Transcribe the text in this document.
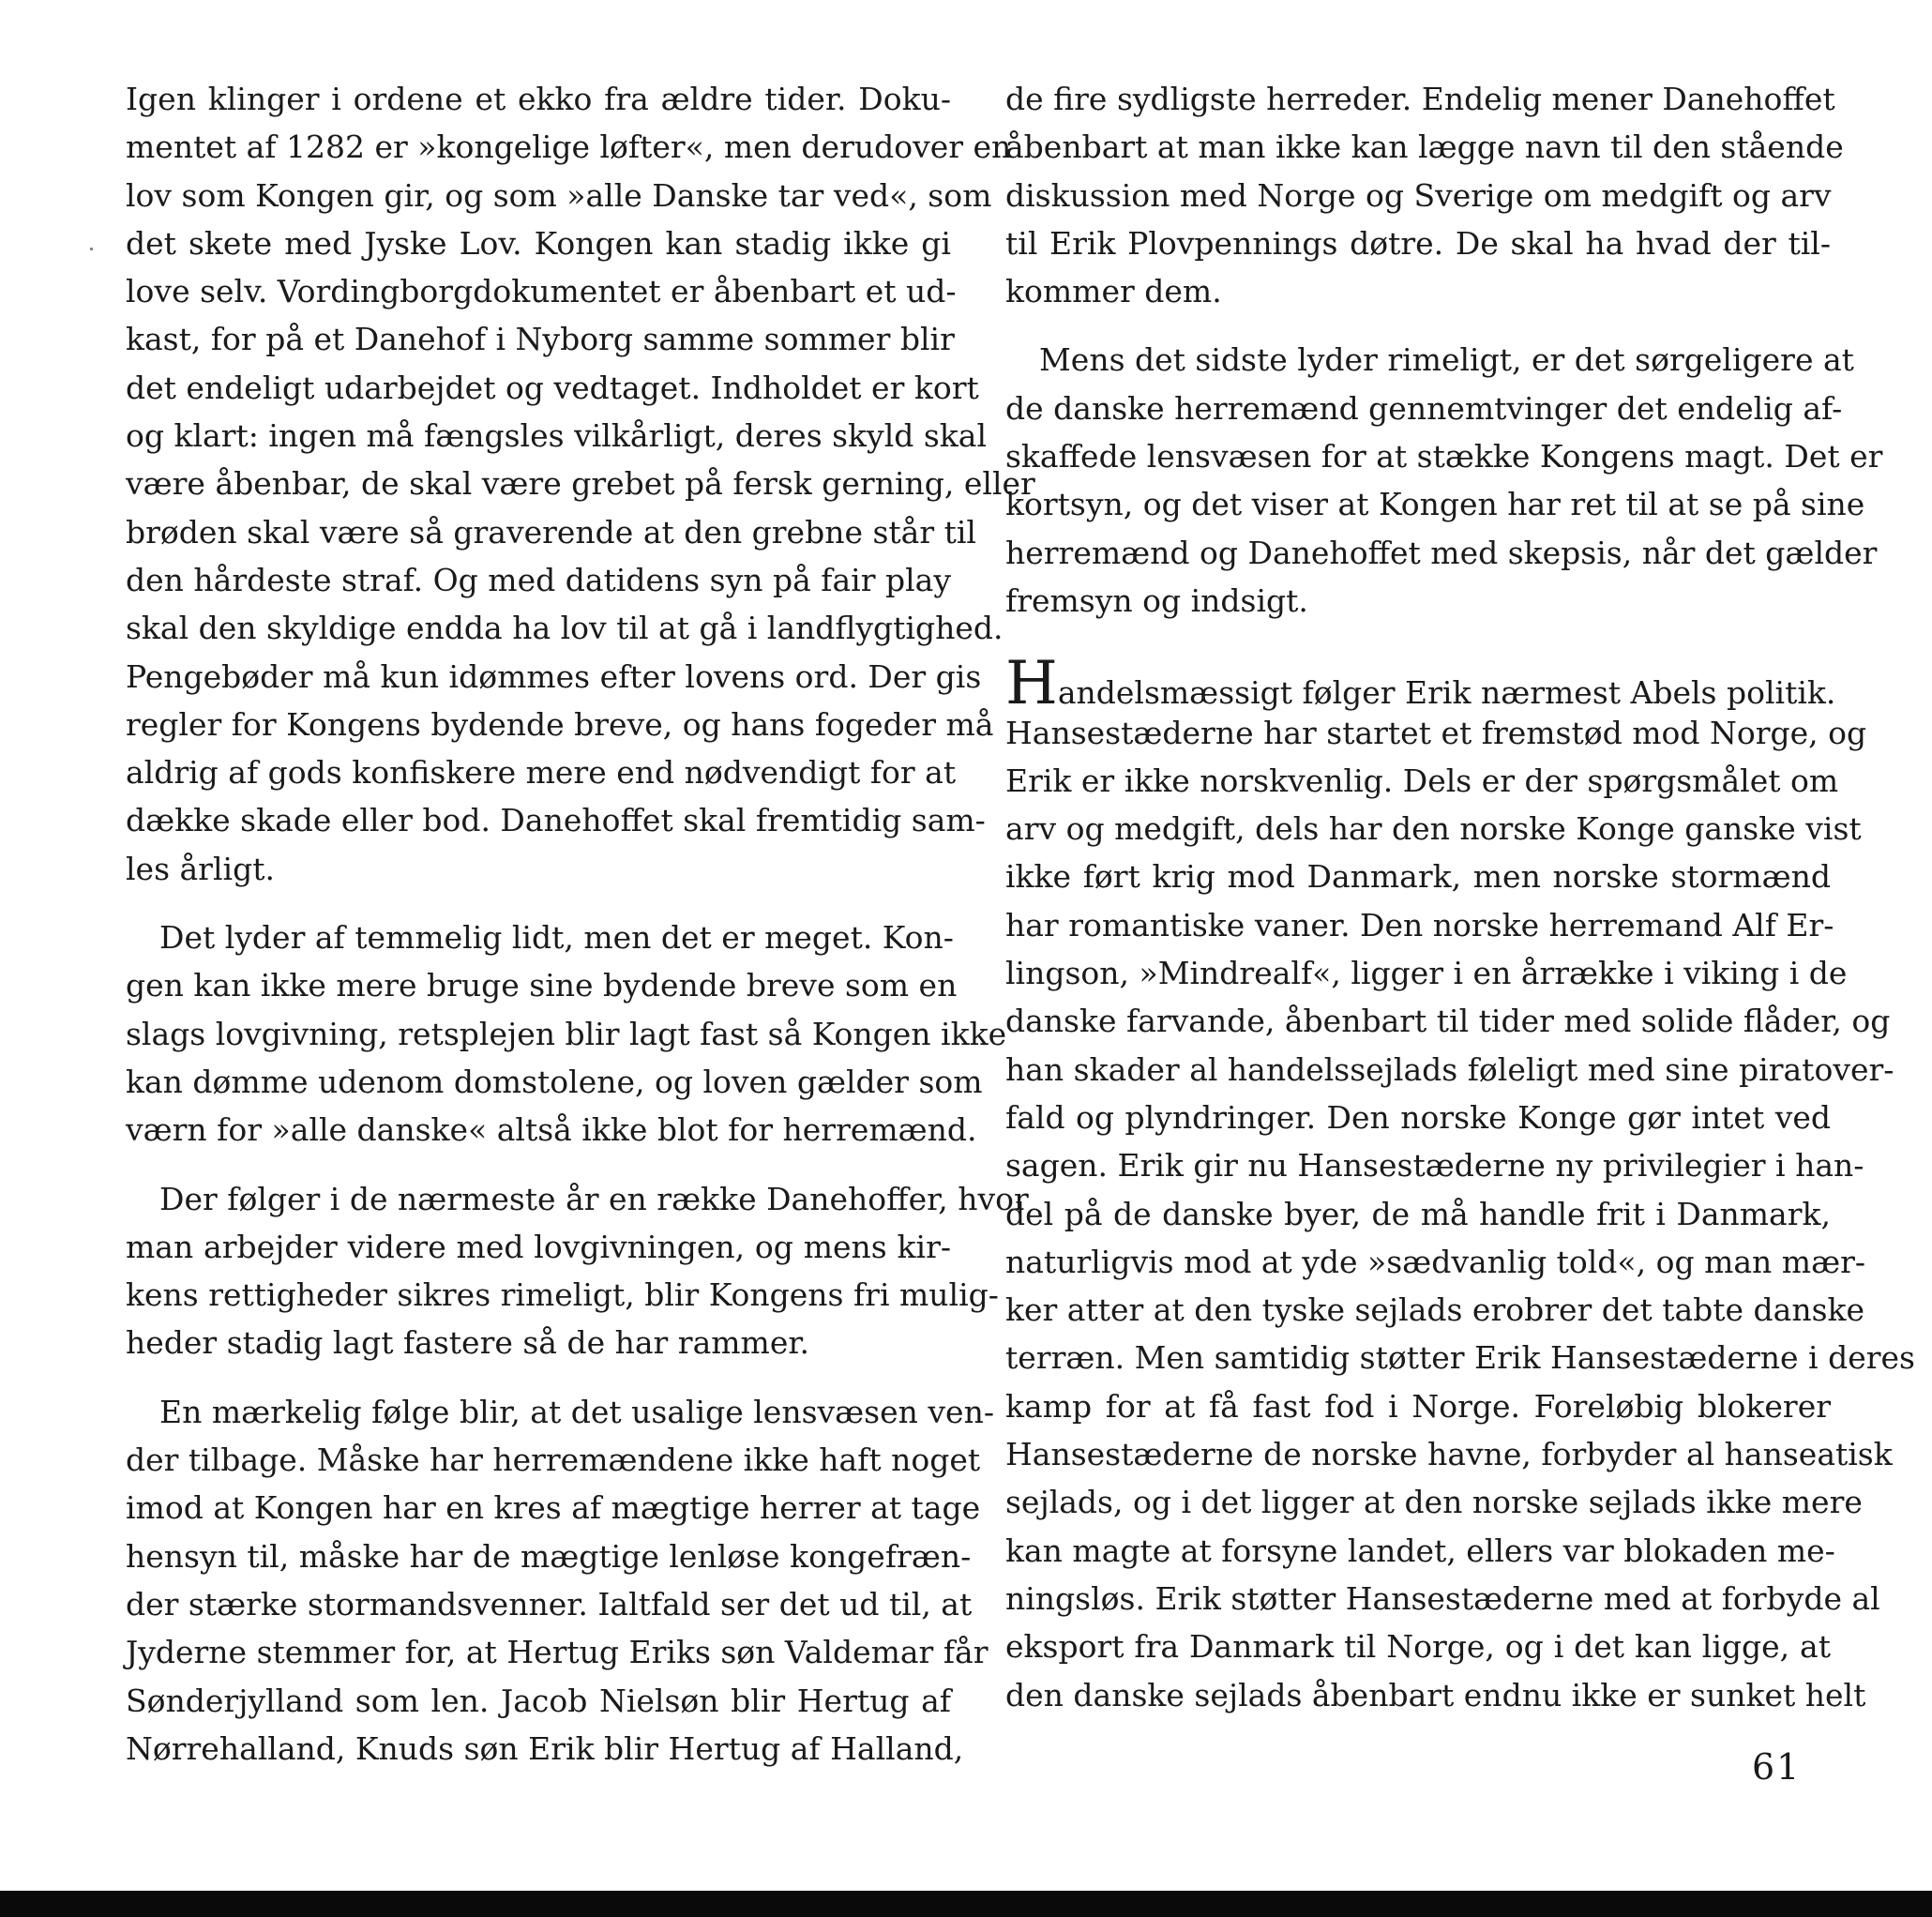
Igen klinger i ordene et ekko fra ældre tider. Doku-
mentet af 1282 er »kongelige løfter«, men derudover en
lov som Kongen gir, og som »alle Danske tar ved«, som
det skete med Jyske Lov. Kongen kan stadig ikke gi
love selv. Vordingborgdokumentet er åbenbart et ud-
kast, for på et Danehof i Nyborg samme sommer blir
det endeligt udarbejdet og vedtaget. Indholdet er kort
og klart: ingen må fængsles vilkårligt, deres skyld skal
være åbenbar, de skal være grebet på fersk gerning, eller
brøden skal være så graverende at den grebne står til
den hårdeste straf. Og med datidens syn på fair play
skal den skyldige endda ha lov til at gå i landflygtighed.
Pengebøder må kun idømmes efter lovens ord. Der gis
regler for Kongens bydende breve, og hans fogeder må
aldrig af gods konfiskere mere end nødvendigt for at
dække skade eller bod. Danehoffet skal fremtidig sam-
les årligt.
Det lyder af temmelig lidt, men det er meget. Kon-
gen kan ikke mere bruge sine bydende breve som en
slags lovgivning, retsplejen blir lagt fast så Kongen ikke
kan dømme udenom domstolene, og loven gælder som
værn for »alle danske« altså ikke blot for herremænd.
Der følger i de nærmeste år en række Danehoffer, hvor
man arbejder videre med lovgivningen, og mens kir-
kens rettigheder sikres rimeligt, blir Kongens fri mulig-
heder stadig lagt fastere så de har rammer.
En mærkelig følge blir, at det usalige lensvæsen ven-
der tilbage. Måske har herremændene ikke haft noget
imod at Kongen har en kres af mægtige herrer at tage
hensyn til, måske har de mægtige lenløse kongefræn-
der stærke stormandsvenner. Ialtfald ser det ud til, at
Jyderne stemmer for, at Hertug Eriks søn Valdemar får
Sønderjylland som len. Jacob Nielsøn blir Hertug af
Nørrehalland, Knuds søn Erik blir Hertug af Halland,
de fire sydligste herreder. Endelig mener Danehoffet
åbenbart at man ikke kan lægge navn til den stående
diskussion med Norge og Sverige om medgift og arv
til Erik Plovpennings døtre. De skal ha hvad der til-
kommer dem.
Mens det sidste lyder rimeligt, er det sørgeligere at
de danske herremænd gennemtvinger det endelig af-
skaffede lensvæsen for at stække Kongens magt. Det er
kortsyn, og det viser at Kongen har ret til at se på sine
herremænd og Danehoffet med skepsis, når det gælder
fremsyn og indsigt.
Handelsmæssigt følger Erik nærmest Abels politik.
Hansestæderne har startet et fremstød mod Norge, og
Erik er ikke norskvenlig. Dels er der spørgsmålet om
arv og medgift, dels har den norske Konge ganske vist
ikke ført krig mod Danmark, men norske stormænd
har romantiske vaner. Den norske herremand Alf Er-
lingson, »Mindrealf«, ligger i en årrække i viking i de
danske farvande, åbenbart til tider med solide flåder, og
han skader al handelssejlads føleligt med sine piratover-
fald og plyndringer. Den norske Konge gør intet ved
sagen. Erik gir nu Hansestæderne ny privilegier i han-
del på de danske byer, de må handle frit i Danmark,
naturligvis mod at yde »sædvanlig told«, og man mær-
ker atter at den tyske sejlads erobrer det tabte danske
terræn. Men samtidig støtter Erik Hansestæderne i deres
kamp for at få fast fod i Norge. Foreløbig blokerer
Hansestæderne de norske havne, forbyder al hanseatisk
sejlads, og i det ligger at den norske sejlads ikke mere
kan magte at forsyne landet, ellers var blokaden me-
ningsløs. Erik støtter Hansestæderne med at forbyde al
eksport fra Danmark til Norge, og i det kan ligge, at
den danske sejlads åbenbart endnu ikke er sunket helt
61
